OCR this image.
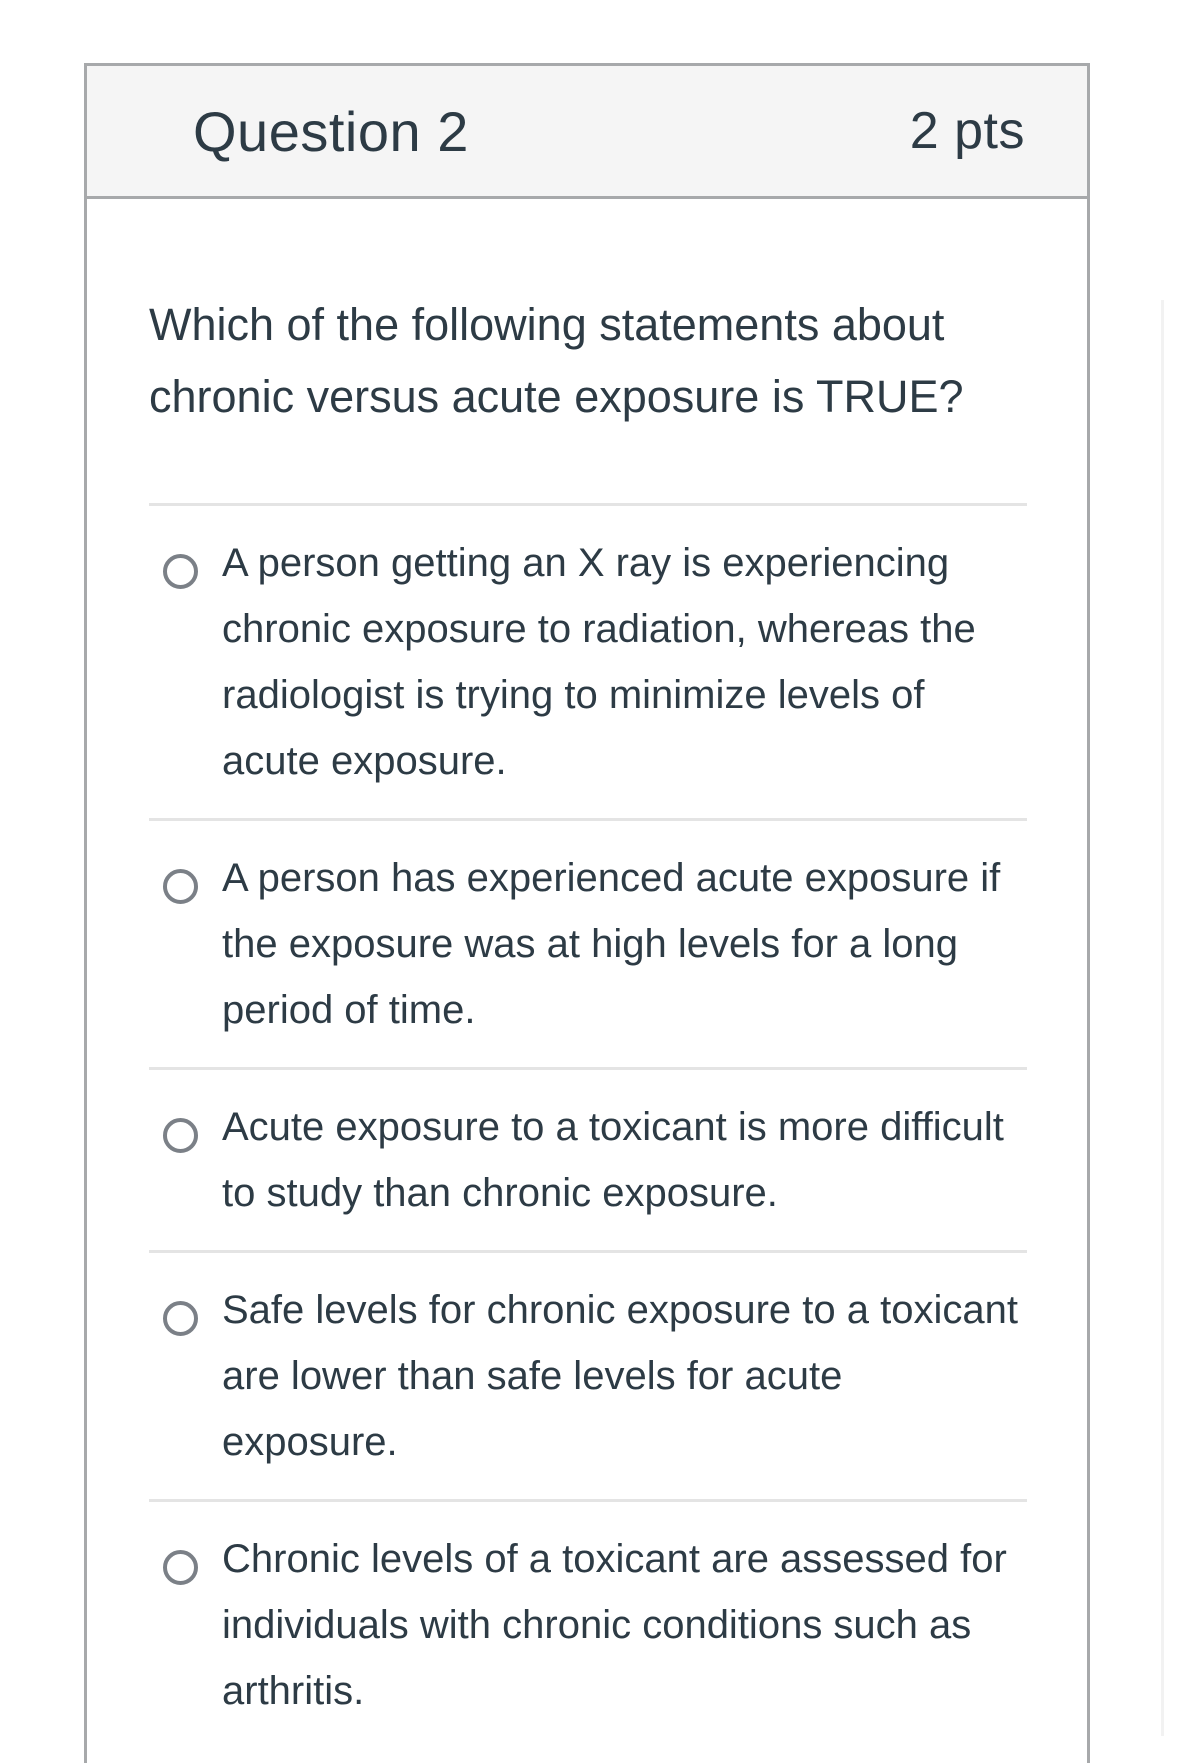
Question 2	2 pts

Which of the following statements about chronic versus acute exposure is TRUE?

A person getting an X ray is experiencing chronic exposure to radiation, whereas the radiologist is trying to minimize levels of acute exposure.
A person has experienced acute exposure if the exposure was at high levels for a long period of time.
Acute exposure to a toxicant is more difficult to study than chronic exposure.
Safe levels for chronic exposure to a toxicant are lower than safe levels for acute exposure.
Chronic levels of a toxicant are assessed for individuals with chronic conditions such as arthritis.
